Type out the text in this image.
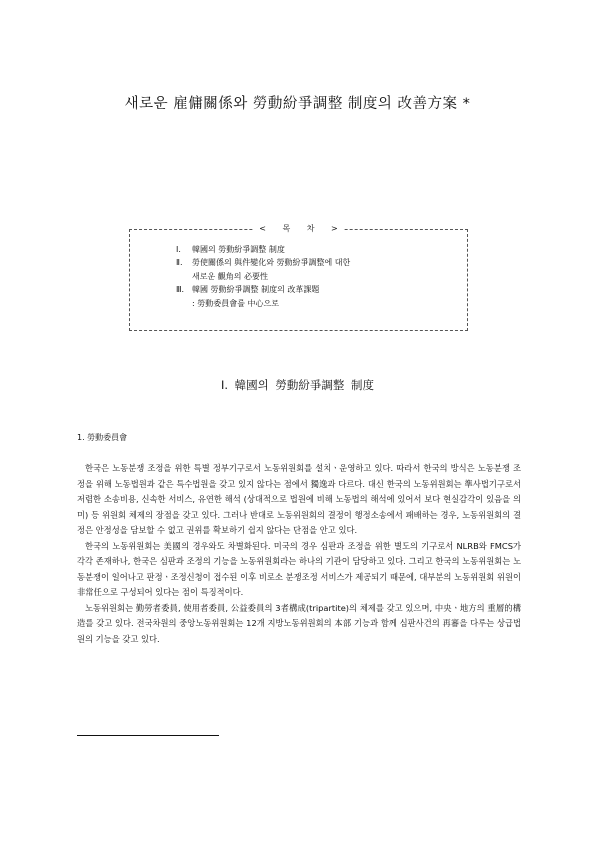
새로운 雇傭關係와 勞動紛爭調整 制度의 改善方案 *
< 목 차 >
Ⅰ. 韓國의 勞動紛爭調整 制度
Ⅱ. 勞使關係의 與件變化와 勞動紛爭調整에 대한
새로운 觀角의 必要性
Ⅲ. 韓國 勞動紛爭調整 制度의 改革課題
: 勞動委員會를 中心으로
Ⅰ. 韓國의 勞動紛爭調整 制度
1. 勞動委員會

한국은 노동분쟁 조정을 위한 특별 정부기구로서 노동위원회를 설치ㆍ운영하고 있다. 따라서 한국의 방식은 노동분쟁 조정을 위해 노동법원과 같은 특수법원을 갖고 있지 않다는 점에서 獨逸과 다르다. 대신 한국의 노동위원회는 準사법기구로서 저렴한 소송비용, 신속한 서비스, 유연한 해석 (상대적으로 법원에 비해 노동법의 해석에 있어서 보다 현실감각이 있음을 의미) 등 위원회 체제의 장점을 갖고 있다. 그러나 반대로 노동위원회의 결정이 행정소송에서 패배하는 경우, 노동위원회의 결정은 안정성을 담보할 수 없고 권위를 확보하기 쉽지 않다는 단점을 안고 있다.

한국의 노동위원회는 美國의 경우와도 차별화된다. 미국의 경우 심판과 조정을 위한 별도의 기구로서 NLRB와 FMCS가 각각 존재하나, 한국은 심판과 조정의 기능을 노동위원회라는 하나의 기관이 담당하고 있다. 그리고 한국의 노동위원회는 노동분쟁이 일어나고 판정ㆍ조정신청이 접수된 이후 비로소 분쟁조정 서비스가 제공되기 때문에, 대부분의 노동위원회 위원이 非常任으로 구성되어 있다는 점이 특징적이다.

노동위원회는 勤勞者委員, 使用者委員, 公益委員의 3者構成(tripartite)의 체제를 갖고 있으며, 中央ㆍ地方의 重層的構造를 갖고 있다. 전국차원의 중앙노동위원회는 12개 지방노동위원회의 本部 기능과 함께 심판사건의 再審을 다루는 상급법원의 기능을 갖고 있다.
